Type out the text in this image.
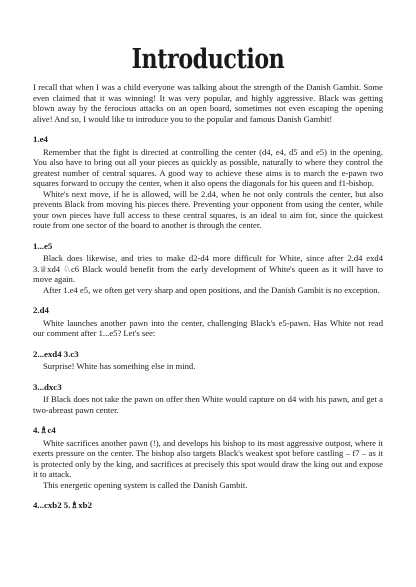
Introduction

I recall that when I was a child everyone was talking about the strength of the Danish Gambit. Some even claimed that it was winning! It was very popular, and highly aggressive. Black was getting blown away by the ferocious attacks on an open board, sometimes not even escaping the opening alive! And so, I would like to introduce you to the popular and famous Danish Gambit!

1.e4

Remember that the fight is directed at controlling the center (d4, e4, d5 and e5) in the opening. You also have to bring out all your pieces as quickly as possible, naturally to where they control the greatest number of central squares. A good way to achieve these aims is to march the e-pawn two squares forward to occupy the center, when it also opens the diagonals for his queen and f1-bishop.

White's next move, if he is allowed, will be 2.d4, when he not only controls the center, but also prevents Black from moving his pieces there. Preventing your opponent from using the center, while your own pieces have full access to these central squares, is an ideal to aim for, since the quickest route from one sector of the board to another is through the center.

1...e5

Black does likewise, and tries to make d2-d4 more difficult for White, since after 2.d4 exd4 3.♕xd4 ♘c6 Black would benefit from the early development of White's queen as it will have to move again.

After 1.e4 e5, we often get very sharp and open positions, and the Danish Gambit is no exception.

2.d4

White launches another pawn into the center, challenging Black's e5-pawn. Has White not read our comment after 1...e5? Let's see:

2...exd4 3.c3

Surprise! White has something else in mind.

3...dxc3

If Black does not take the pawn on offer then White would capture on d4 with his pawn, and get a two-abreast pawn center.

4.♗c4

White sacrifices another pawn (!), and develops his bishop to its most aggressive outpost, where it exerts pressure on the center. The bishop also targets Black's weakest spot before castling – f7 – as it is protected only by the king, and sacrifices at precisely this spot would draw the king out and expose it to attack.

This energetic opening system is called the Danish Gambit.

4...cxb2 5.♗xb2
